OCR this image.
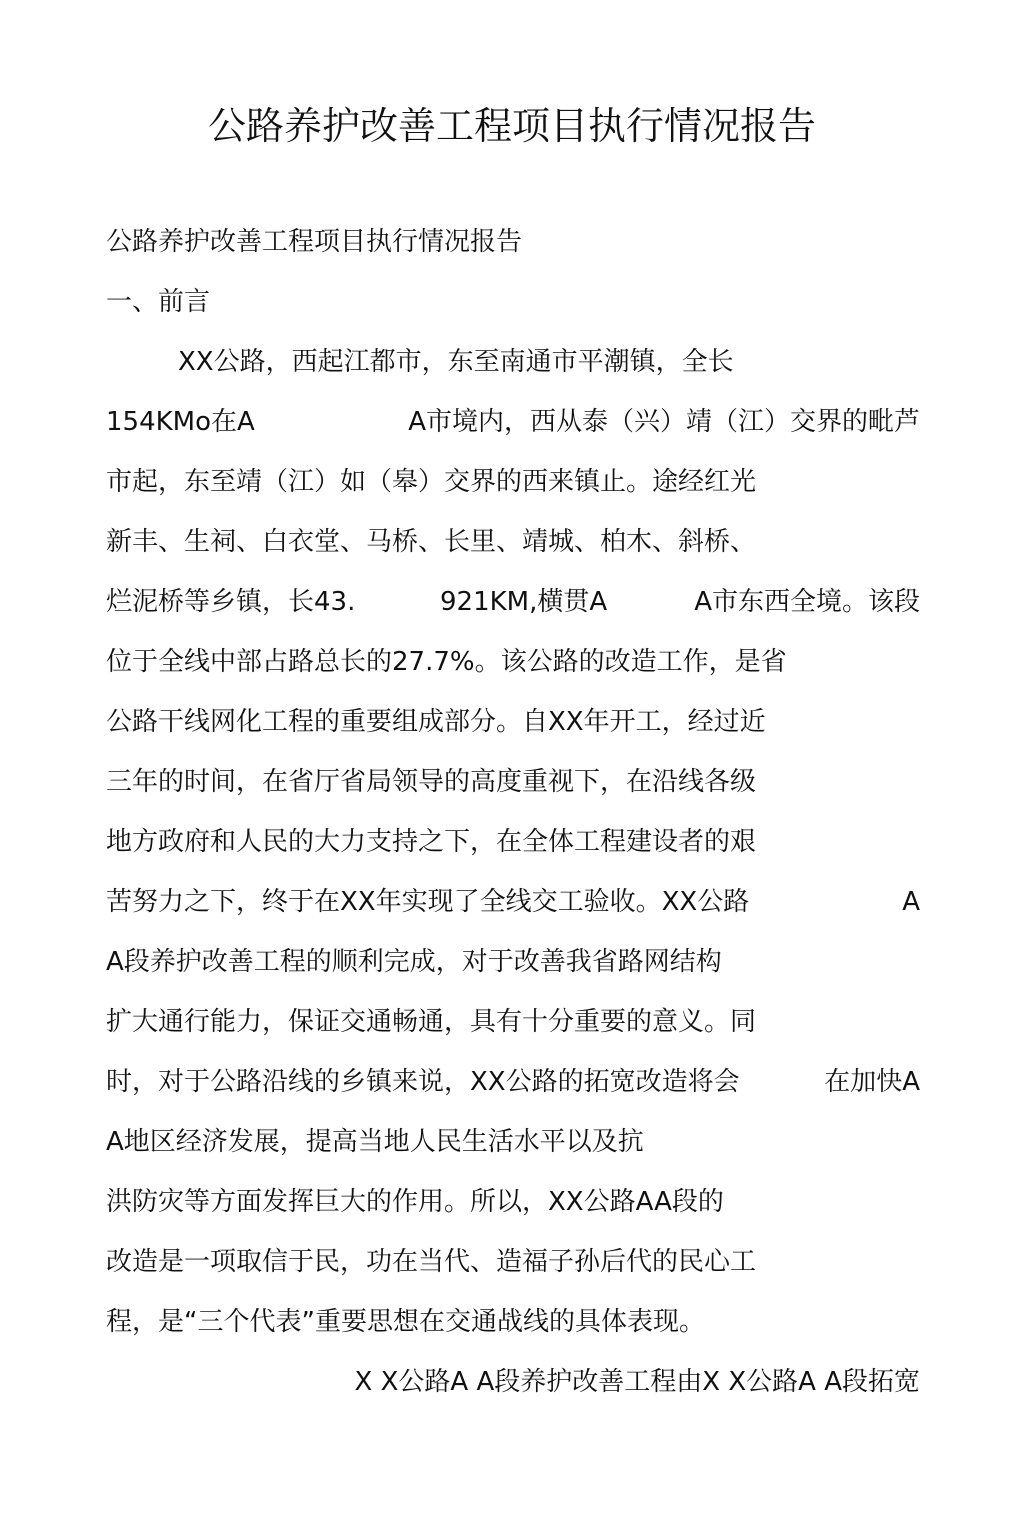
公路养护改善工程项目执行情况报告
公路养护改善工程项目执行情况报告
一、前言
XX公路，西起江都市，东至南通市平潮镇，全长
154KMo在A	A市境内，西从泰（兴）靖（江）交界的毗芦
市起，东至靖（江）如（皋）交界的西来镇止。途经红光
新丰、生祠、白衣堂、马桥、长里、靖城、柏木、斜桥、
烂泥桥等乡镇，长43.	921KM,横贯A	A市东西全境。该段
位于全线中部占路总长的27.7%。该公路的改造工作，是省
公路干线网化工程的重要组成部分。自XX年开工，经过近
三年的时间，在省厅省局领导的高度重视下，在沿线各级
地方政府和人民的大力支持之下，在全体工程建设者的艰
苦努力之下，终于在XX年实现了全线交工验收。XX公路	A
A段养护改善工程的顺利完成，对于改善我省路网结构
扩大通行能力，保证交通畅通，具有十分重要的意义。同
时，对于公路沿线的乡镇来说，XX公路的拓宽改造将会	在加快A
A地区经济发展，提高当地人民生活水平以及抗
洪防灾等方面发挥巨大的作用。所以，XX公路AA段的
改造是一项取信于民，功在当代、造福子孙后代的民心工
程，是“三个代表”重要思想在交通战线的具体表现。
X X公路A A段养护改善工程由X X公路A A段拓宽
